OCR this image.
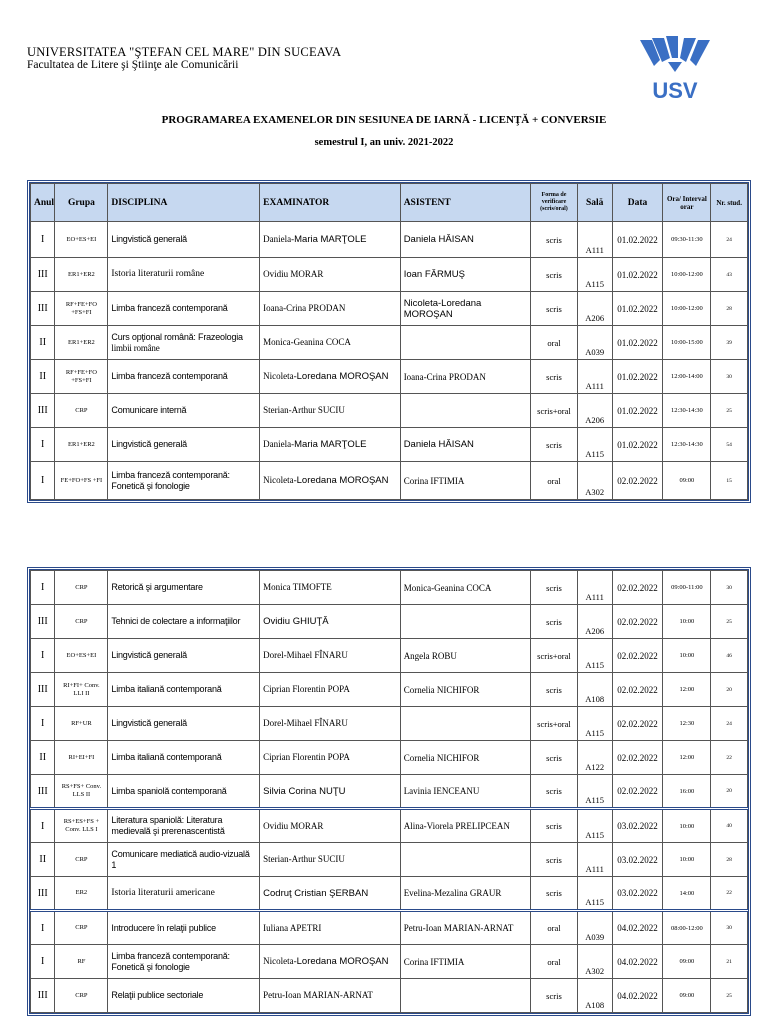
UNIVERSITATEA "ŞTEFAN CEL MARE" DIN SUCEAVA
Facultatea de Litere şi Ştiinţe ale Comunicării
USV
PROGRAMAREA EXAMENELOR DIN SESIUNEA DE IARNĂ - LICENŢĂ + CONVERSIE
semestrul I, an univ. 2021-2022
Anul	Grupa	DISCIPLINA	EXAMINATOR	ASISTENT	Forma de verificare (scris/oral)	Sală	Data	Ora/ Interval orar	Nr. stud.
I	EO+ES+EI	Lingvistică generală	Daniela-Maria MARŢOLE	Daniela HĂISAN	scris	A111	01.02.2022	09:30-11:30	24
III	ER1+ER2	Istoria literaturii române	Ovidiu MORAR	Ioan FĂRMUŞ	scris	A115	01.02.2022	10:00-12:00	43
III	RF+FE+FO +FS+FI	Limba franceză contemporană	Ioana-Crina PRODAN	Nicoleta-Loredana MOROŞAN	scris	A206	01.02.2022	10:00-12:00	28
II	ER1+ER2	Curs opţional română: Frazeologia
limbii române	Monica-Geanina COCA		oral	A039	01.02.2022	10:00-15:00	39
II	RF+FE+FO +FS+FI	Limba franceză contemporană	Nicoleta-Loredana MOROŞAN	Ioana-Crina PRODAN	scris	A111	01.02.2022	12:00-14:00	30
III	CRP	Comunicare internă	Sterian-Arthur SUCIU		scris+oral	A206	01.02.2022	12:30-14:30	25
I	ER1+ER2	Lingvistică generală	Daniela-Maria MARŢOLE	Daniela HĂISAN	scris	A115	01.02.2022	12:30-14:30	54
I	FE+FO+FS +FI	Limba franceză contemporană:
Fonetică şi fonologie	Nicoleta-Loredana MOROŞAN	Corina IFTIMIA	oral	A302	02.02.2022	09:00	15
I	CRP	Retorică şi argumentare	Monica TIMOFTE	Monica-Geanina COCA	scris	A111	02.02.2022	09:00-11:00	30
III	CRP	Tehnici de colectare a informaţiilor	Ovidiu GHIUŢĂ		scris	A206	02.02.2022	10:00	25
I	EO+ES+EI	Lingvistică generală	Dorel-Mihael FÎNARU	Angela ROBU	scris+oral	A115	02.02.2022	10:00	46
III	RI+FI+ Conv. LLI II	Limba italiană contemporană	Ciprian Florentin POPA	Cornelia NICHIFOR	scris	A108	02.02.2022	12:00	20
I	RF+UR	Lingvistică generală	Dorel-Mihael FÎNARU		scris+oral	A115	02.02.2022	12:30	24
II	RI+EI+FI	Limba italiană contemporană	Ciprian Florentin POPA	Cornelia NICHIFOR	scris	A122	02.02.2022	12:00	22
III	RS+FS+ Conv. LLS II	Limba spaniolă contemporană	Silvia Corina NUŢU	Lavinia IENCEANU	scris	A115	02.02.2022	16:00	20
I	RS+ES+FS + Conv. LLS I	Literatura spaniolă: Literatura
medievală şi prerenascentistă	Ovidiu MORAR	Alina-Viorela PRELIPCEAN	scris	A115	03.02.2022	10:00	40
II	CRP	Comunicare mediatică audio-vizuală
1	Sterian-Arthur SUCIU		scris	A111	03.02.2022	10:00	28
III	ER2	Istoria literaturii americane	Codruţ Cristian ŞERBAN	Evelina-Mezalina GRAUR	scris	A115	03.02.2022	14:00	22
I	CRP	Introducere în relaţii publice	Iuliana APETRI	Petru-Ioan MARIAN-ARNAT	oral	A039	04.02.2022	08:00-12:00	30
I	RF	Limba franceză contemporană:
Fonetică şi fonologie	Nicoleta-Loredana MOROŞAN	Corina IFTIMIA	oral	A302	04.02.2022	09:00	21
III	CRP	Relaţii publice sectoriale	Petru-Ioan MARIAN-ARNAT		scris	A108	04.02.2022	09:00	25
